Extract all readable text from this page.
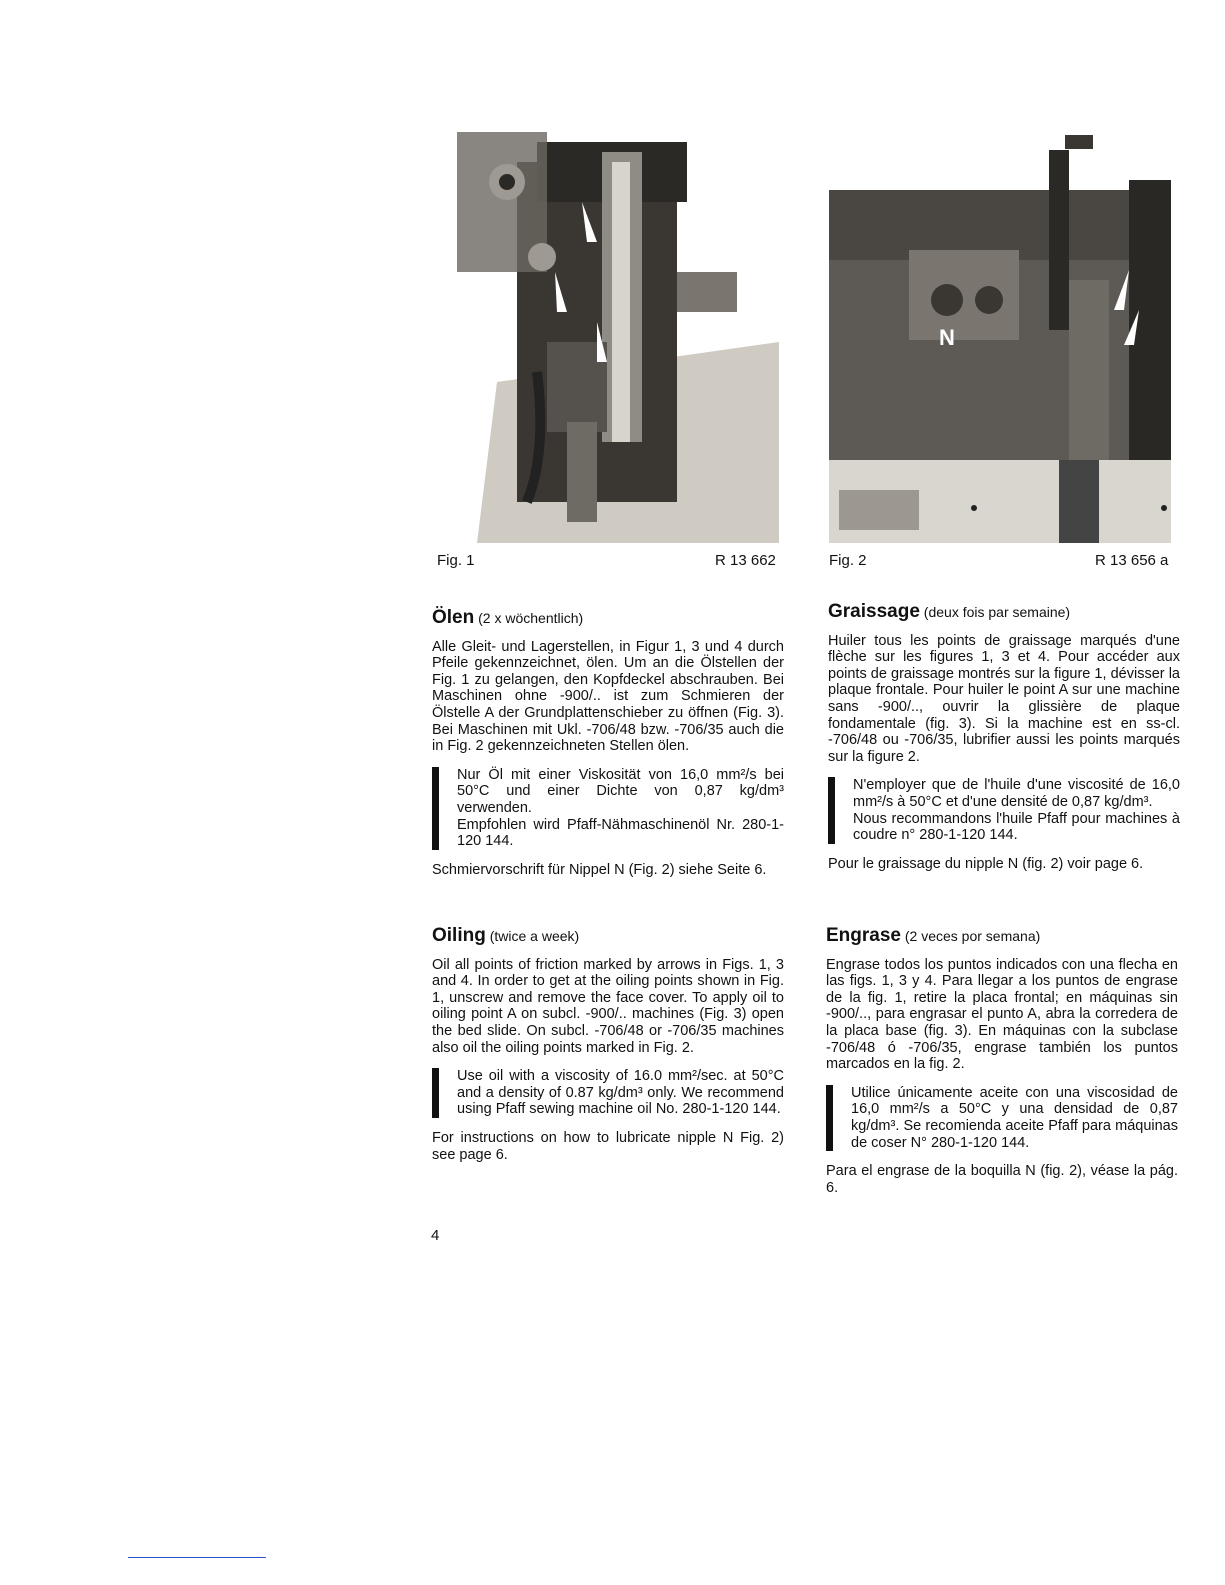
Fig. 1	R 13 662
N
Fig. 2	R 13 656 a
Ölen (2 x wöchentlich)

Alle Gleit- und Lagerstellen, in Figur 1, 3 und 4 durch Pfeile gekennzeichnet, ölen. Um an die Ölstellen der Fig. 1 zu gelangen, den Kopfdeckel abschrauben. Bei Maschinen ohne -900/.. ist zum Schmieren der Ölstelle A der Grundplattenschieber zu öffnen (Fig. 3). Bei Maschinen mit Ukl. -706/48 bzw. -706/35 auch die in Fig. 2 gekennzeichneten Stellen ölen.

Nur Öl mit einer Viskosität von 16,0 mm²/s bei 50°C und einer Dichte von 0,87 kg/dm³ verwenden.

Empfohlen wird Pfaff-Nähmaschinenöl Nr. 280-1-120 144.

Schmiervorschrift für Nippel N (Fig. 2) siehe Seite 6.

Oiling (twice a week)

Oil all points of friction marked by arrows in Figs. 1, 3 and 4. In order to get at the oiling points shown in Fig. 1, unscrew and remove the face cover. To apply oil to oiling point A on subcl. -900/.. machines (Fig. 3) open the bed slide. On subcl. -706/48 or -706/35 machines also oil the oiling points marked in Fig. 2.

Use oil with a viscosity of 16.0 mm²/sec. at 50°C and a density of 0.87 kg/dm³ only. We recommend using Pfaff sewing machine oil No. 280-1-120 144.

For instructions on how to lubricate nipple N Fig. 2) see page 6.

Graissage (deux fois par semaine)

Huiler tous les points de graissage marqués d'une flèche sur les figures 1, 3 et 4. Pour accéder aux points de graissage montrés sur la figure 1, dévisser la plaque frontale. Pour huiler le point A sur une machine sans -900/.., ouvrir la glissière de plaque fondamentale (fig. 3). Si la machine est en ss-cl. -706/48 ou -706/35, lubrifier aussi les points marqués sur la figure 2.

N'employer que de l'huile d'une viscosité de 16,0 mm²/s à 50°C et d'une densité de 0,87 kg/dm³.

Nous recommandons l'huile Pfaff pour machines à coudre n° 280-1-120 144.

Pour le graissage du nipple N (fig. 2) voir page 6.

Engrase (2 veces por semana)

Engrase todos los puntos indicados con una flecha en las figs. 1, 3 y 4. Para llegar a los puntos de engrase de la fig. 1, retire la placa frontal; en máquinas sin -900/.., para engrasar el punto A, abra la corredera de la placa base (fig. 3). En máquinas con la subclase -706/48 ó -706/35, engrase también los puntos marcados en la fig. 2.

Utilice únicamente aceite con una viscosidad de 16,0 mm²/s a 50°C y una densidad de 0,87 kg/dm³. Se recomienda aceite Pfaff para máquinas de coser N° 280-1-120 144.

Para el engrase de la boquilla N (fig. 2), véase la pág. 6.

4
